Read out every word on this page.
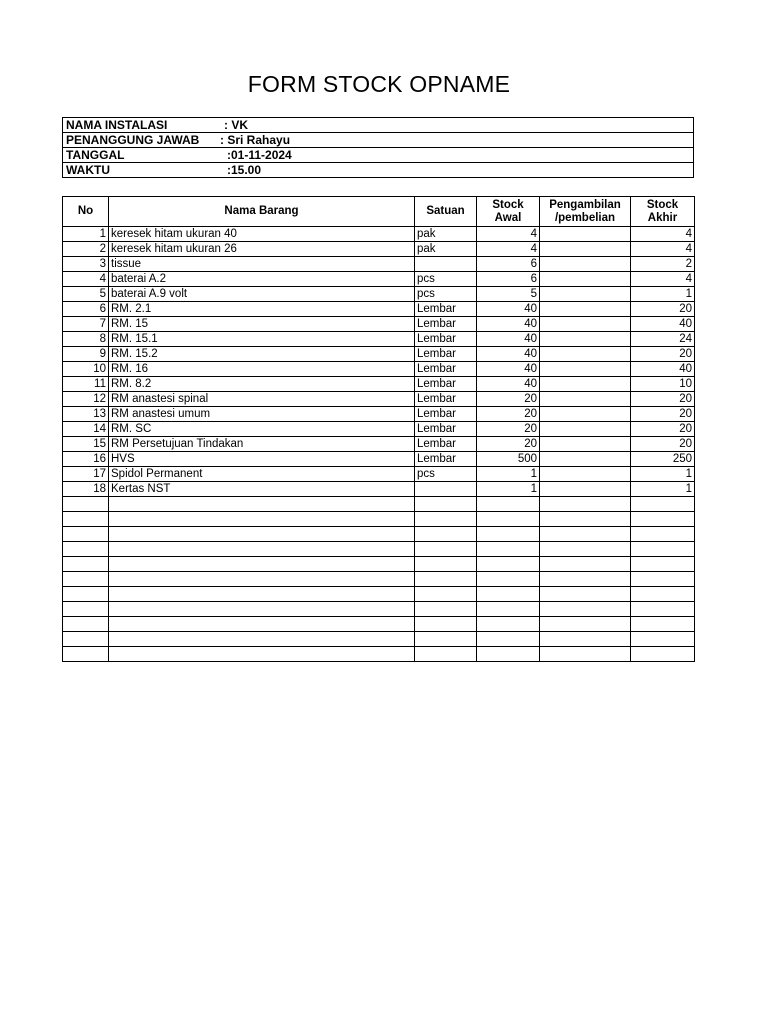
FORM STOCK OPNAME
NAMA INSTALASI	: VK
PENANGGUNG JAWAB : Sri Rahayu
TANGGAL	:01-11-2024
WAKTU	:15.00
No	Nama Barang	Satuan	Stock Awal	Pengambilan /pembelian	Stock Akhir
1	keresek hitam ukuran 40	pak	4		4
2	keresek hitam ukuran 26	pak	4		4
3	tissue		6		2
4	baterai A.2	pcs	6		4
5	baterai A.9 volt	pcs	5		1
6	RM. 2.1	Lembar	40		20
7	RM. 15	Lembar	40		40
8	RM. 15.1	Lembar	40		24
9	RM. 15.2	Lembar	40		20
10	RM. 16	Lembar	40		40
11	RM. 8.2	Lembar	40		10
12	RM anastesi spinal	Lembar	20		20
13	RM anastesi umum	Lembar	20		20
14	RM. SC	Lembar	20		20
15	RM Persetujuan Tindakan	Lembar	20		20
16	HVS	Lembar	500		250
17	Spidol Permanent	pcs	1		1
18	Kertas NST		1		1
